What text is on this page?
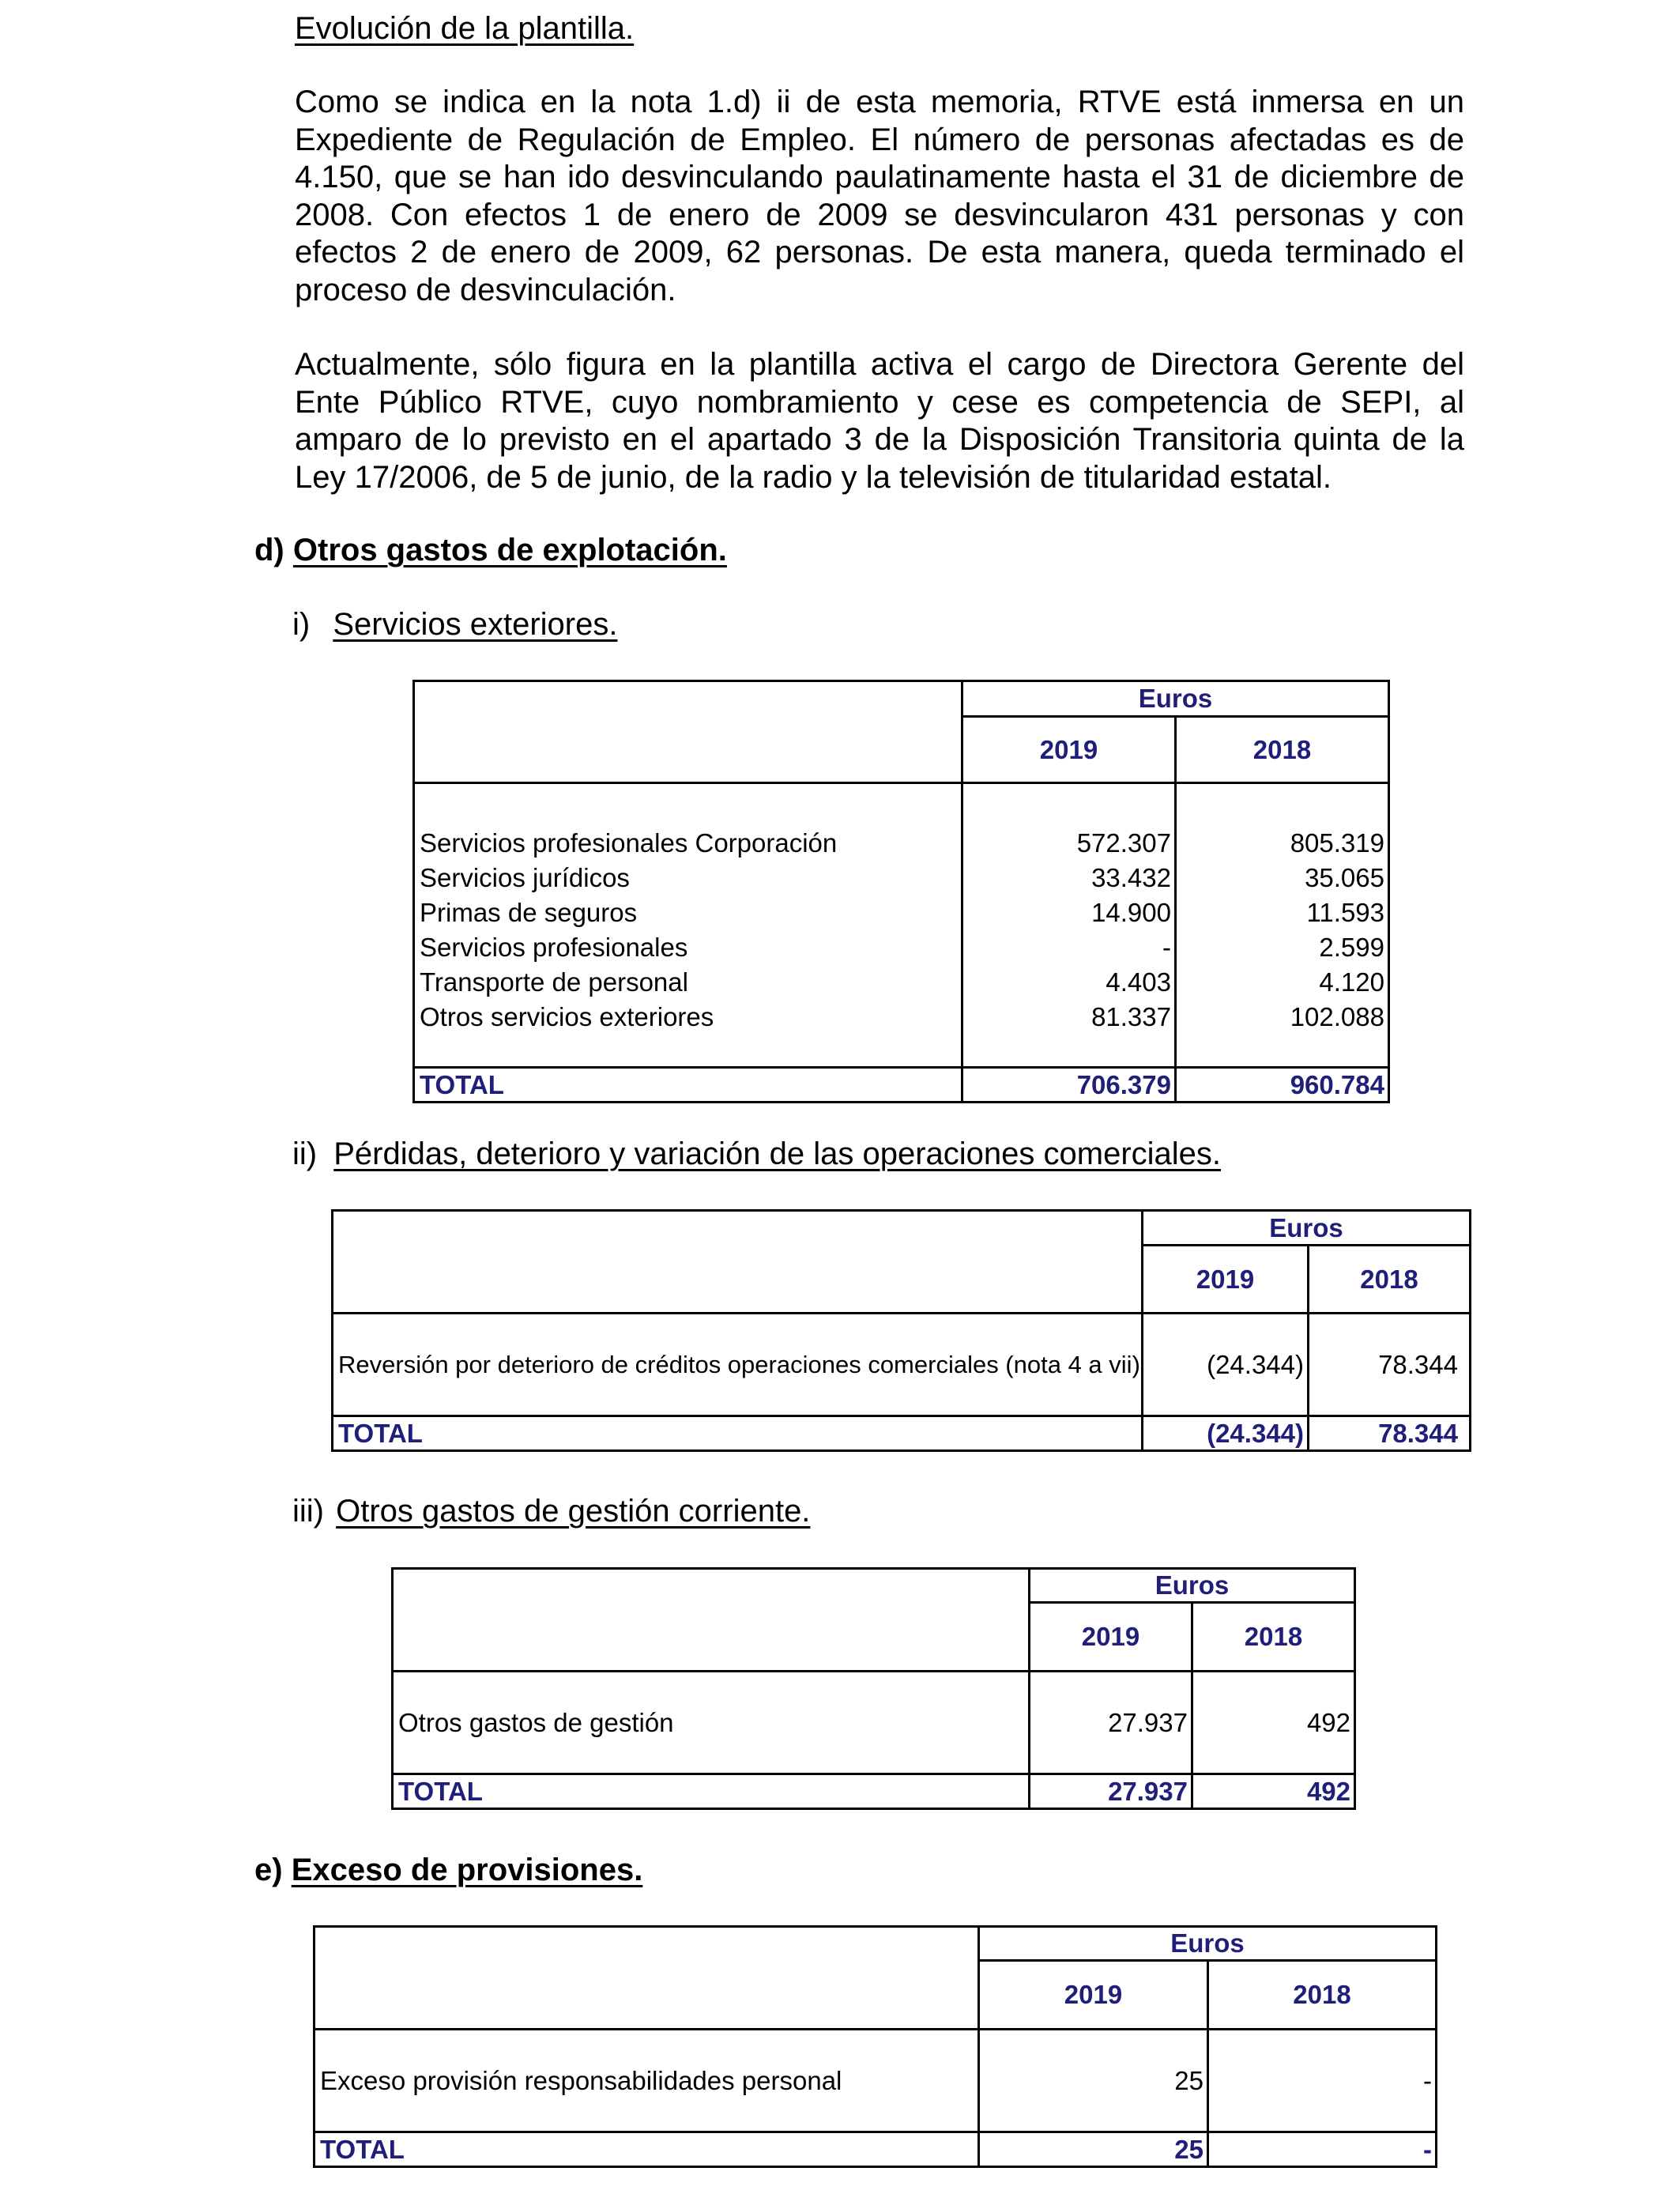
Evolución de la plantilla.

Como se indica en la nota 1.d) ii de esta memoria, RTVE está inmersa en un Expediente de Regulación de Empleo. El número de personas afectadas es de 4.150, que se han ido desvinculando paulatinamente hasta el 31 de diciembre de 2008. Con efectos 1 de enero de 2009 se desvincularon 431 personas y con efectos 2 de enero de 2009, 62 personas. De esta manera, queda terminado el proceso de desvinculación.

Actualmente, sólo figura en la plantilla activa el cargo de Directora Gerente del Ente Público RTVE, cuyo nombramiento y cese es competencia de SEPI, al amparo de lo previsto en el apartado 3 de la Disposición Transitoria quinta de la Ley 17/2006, de 5 de junio, de la radio y la televisión de titularidad estatal.

d) Otros gastos de explotación.
i) Servicios exteriores.
	Euros	
	2019	2018

Servicios profesionales Corporación	572.307	805.319
Servicios jurídicos	33.432	35.065
Primas de seguros	14.900	11.593
Servicios profesionales	-	2.599
Transporte de personal	4.403	4.120
Otros servicios exteriores	81.337	102.088

TOTAL	706.379	960.784
ii) Pérdidas, deterioro y variación de las operaciones comerciales.
	Euros	
	2019	2018
Reversión por deterioro de créditos operaciones comerciales (nota 4 a vii)	(24.344)	78.344
TOTAL	(24.344)	78.344
iii) Otros gastos de gestión corriente.
	Euros	
	2019	2018
Otros gastos de gestión	27.937	492
TOTAL	27.937	492
e) Exceso de provisiones.
	Euros	
	2019	2018
Exceso provisión responsabilidades personal	25	-
TOTAL	25	-
